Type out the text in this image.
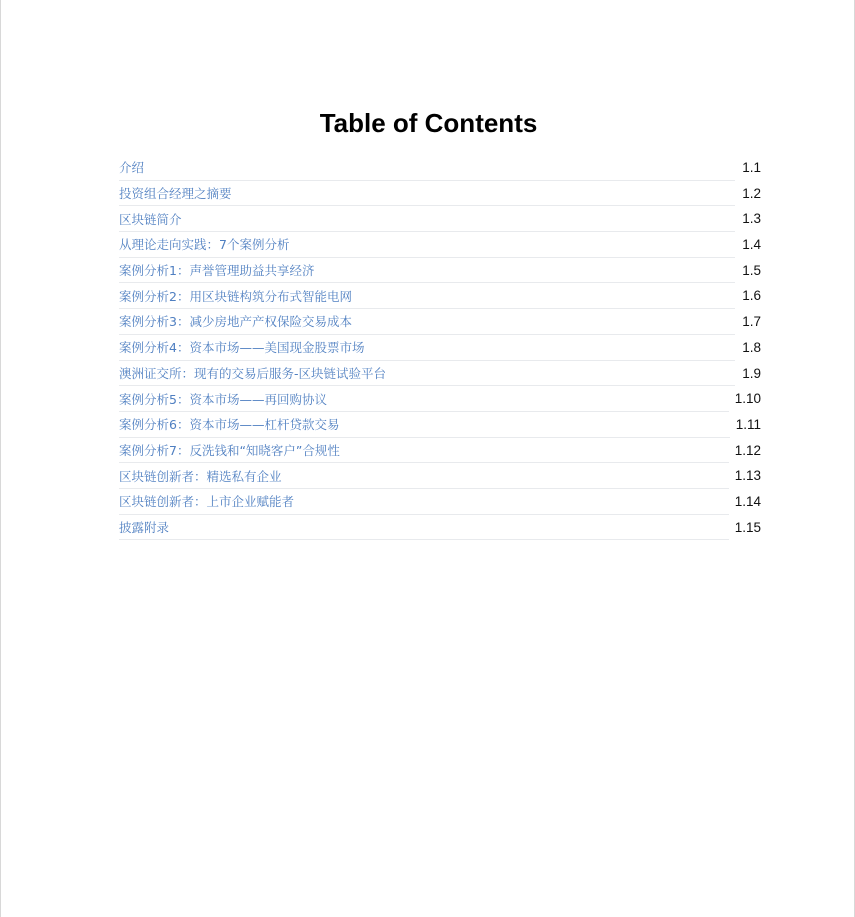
Table of Contents
介绍	1.1
投资组合经理之摘要	1.2
区块链简介	1.3
从理论走向实践：7个案例分析	1.4
案例分析1：声誉管理助益共享经济	1.5
案例分析2：用区块链构筑分布式智能电网	1.6
案例分析3：减少房地产产权保险交易成本	1.7
案例分析4：资本市场——美国现金股票市场	1.8
澳洲证交所：现有的交易后服务-区块链试验平台	1.9
案例分析5：资本市场——再回购协议	1.10
案例分析6：资本市场——杠杆贷款交易	1.11
案例分析7：反洗钱和“知晓客户”合规性	1.12
区块链创新者：精选私有企业	1.13
区块链创新者：上市企业赋能者	1.14
披露附录	1.15
